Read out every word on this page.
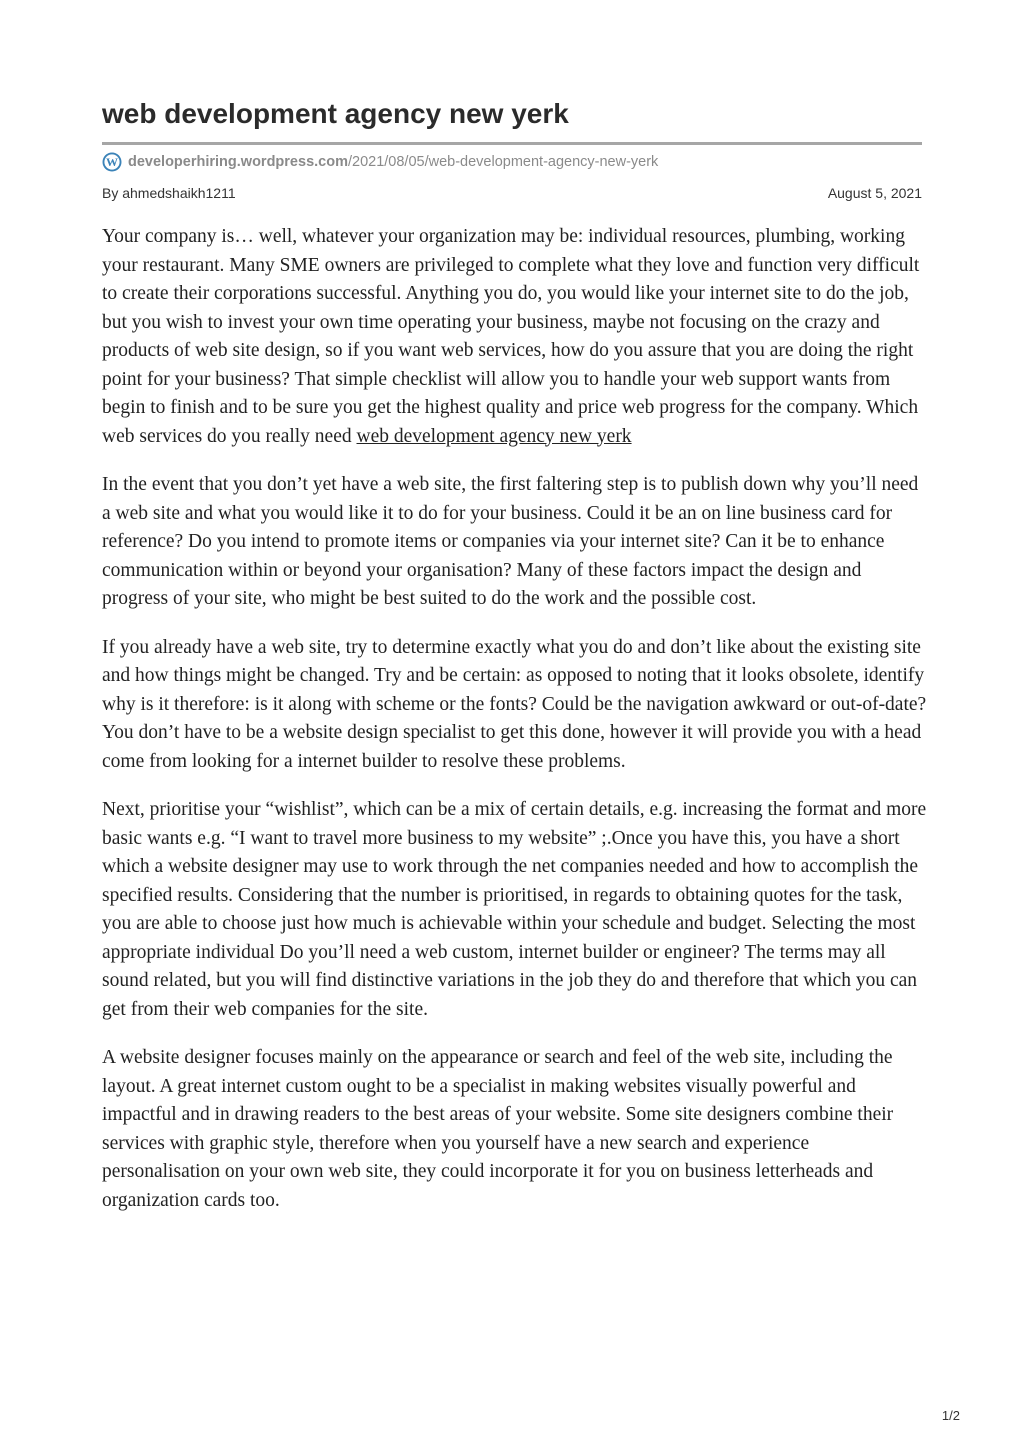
web development agency new yerk
W developerhiring.wordpress.com /2021/08/05/web-development-agency-new-yerk
By ahmedshaikh1211	August 5, 2021

Your company is… well, whatever your organization may be: individual resources, plumbing, working your restaurant. Many SME owners are privileged to complete what they love and function very difficult to create their corporations successful. Anything you do, you would like your internet site to do the job, but you wish to invest your own time operating your business, maybe not focusing on the crazy and products of web site design, so if you want web services, how do you assure that you are doing the right point for your business? That simple checklist will allow you to handle your web support wants from begin to finish and to be sure you get the highest quality and price web progress for the company. Which web services do you really need web development agency new yerk

In the event that you don’t yet have a web site, the first faltering step is to publish down why you’ll need a web site and what you would like it to do for your business. Could it be an on line business card for reference? Do you intend to promote items or companies via your internet site? Can it be to enhance communication within or beyond your organisation? Many of these factors impact the design and progress of your site, who might be best suited to do the work and the possible cost.

If you already have a web site, try to determine exactly what you do and don’t like about the existing site and how things might be changed. Try and be certain: as opposed to noting that it looks obsolete, identify why is it therefore: is it along with scheme or the fonts? Could be the navigation awkward or out-of-date? You don’t have to be a website design specialist to get this done, however it will provide you with a head come from looking for a internet builder to resolve these problems.

Next, prioritise your “wishlist”, which can be a mix of certain details, e.g. increasing the format and more basic wants e.g. “I want to travel more business to my website” ;.Once you have this, you have a short which a website designer may use to work through the net companies needed and how to accomplish the specified results. Considering that the number is prioritised, in regards to obtaining quotes for the task, you are able to choose just how much is achievable within your schedule and budget. Selecting the most appropriate individual Do you’ll need a web custom, internet builder or engineer? The terms may all sound related, but you will find distinctive variations in the job they do and therefore that which you can get from their web companies for the site.

A website designer focuses mainly on the appearance or search and feel of the web site, including the layout. A great internet custom ought to be a specialist in making websites visually powerful and impactful and in drawing readers to the best areas of your website. Some site designers combine their services with graphic style, therefore when you yourself have a new search and experience personalisation on your own web site, they could incorporate it for you on business letterheads and organization cards too.

1/2
